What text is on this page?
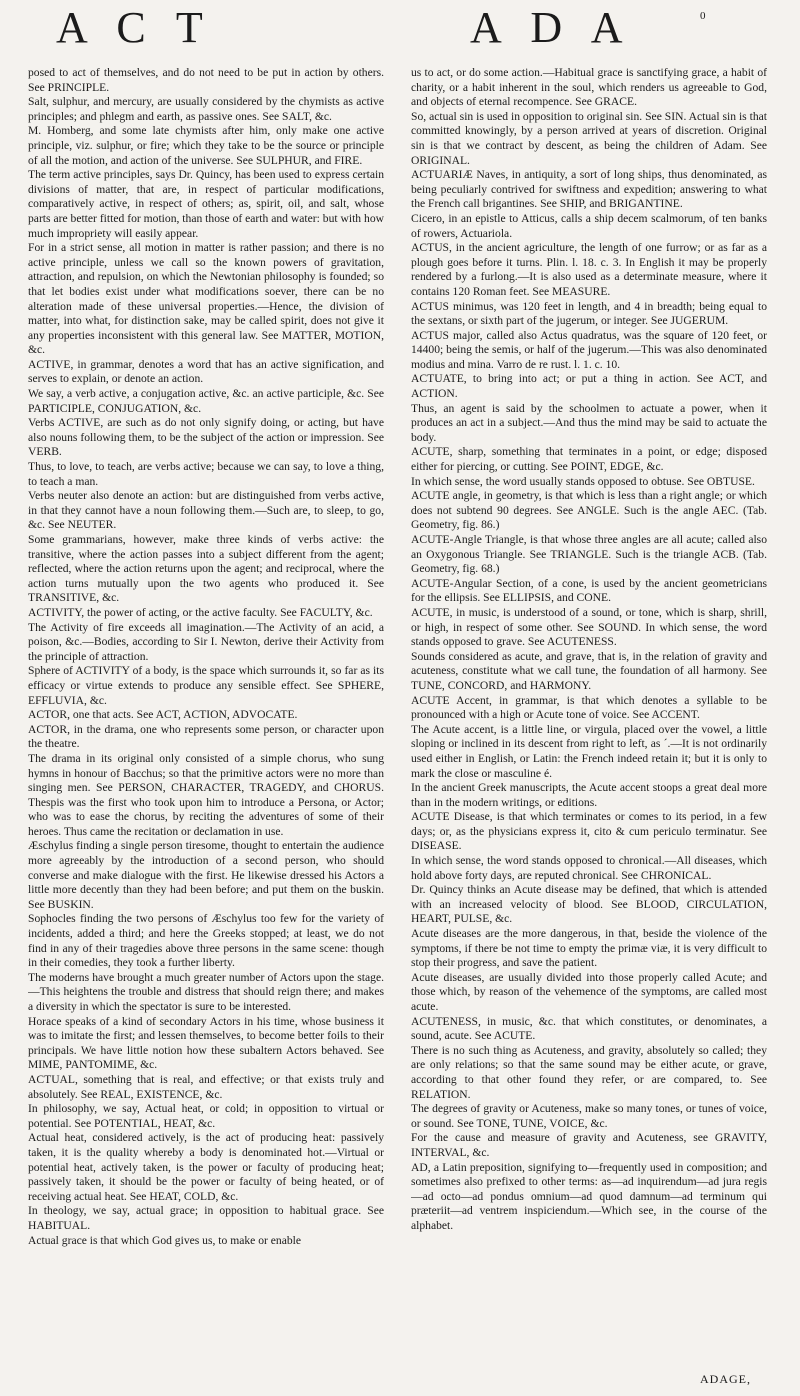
A C T	A D A	0

posed to act of themselves, and do not need to be put in action by others. See PRINCIPLE.

Salt, sulphur, and mercury, are usually considered by the chymists as active principles; and phlegm and earth, as passive ones. See SALT, &c.

M. Homberg, and some late chymists after him, only make one active principle, viz. sulphur, or fire; which they take to be the source or principle of all the motion, and action of the universe. See SULPHUR, and FIRE.

The term active principles, says Dr. Quincy, has been used to express certain divisions of matter, that are, in respect of particular modifications, comparatively active, in respect of others; as, spirit, oil, and salt, whose parts are better fitted for motion, than those of earth and water: but with how much impropriety will easily appear.

For in a strict sense, all motion in matter is rather passion; and there is no active principle, unless we call so the known powers of gravitation, attraction, and repulsion, on which the Newtonian philosophy is founded; so that let bodies exist under what modifications soever, there can be no alteration made of these universal properties.—Hence, the division of matter, into what, for distinction sake, may be called spirit, does not give it any properties inconsistent with this general law. See MATTER, MOTION, &c.

ACTIVE, in grammar, denotes a word that has an active signification, and serves to explain, or denote an action.

We say, a verb active, a conjugation active, &c. an active participle, &c. See PARTICIPLE, CONJUGATION, &c.

Verbs ACTIVE, are such as do not only signify doing, or acting, but have also nouns following them, to be the subject of the action or impression. See VERB.

Thus, to love, to teach, are verbs active; because we can say, to love a thing, to teach a man.

Verbs neuter also denote an action: but are distinguished from verbs active, in that they cannot have a noun following them.—Such are, to sleep, to go, &c. See NEUTER.

Some grammarians, however, make three kinds of verbs active: the transitive, where the action passes into a subject different from the agent; reflected, where the action returns upon the agent; and reciprocal, where the action turns mutually upon the two agents who produced it. See TRANSITIVE, &c.

ACTIVITY, the power of acting, or the active faculty. See FACULTY, &c.

The Activity of fire exceeds all imagination.—The Activity of an acid, a poison, &c.—Bodies, according to Sir I. Newton, derive their Activity from the principle of attraction.

Sphere of ACTIVITY of a body, is the space which surrounds it, so far as its efficacy or virtue extends to produce any sensible effect. See SPHERE, EFFLUVIA, &c.

ACTOR, one that acts. See ACT, ACTION, ADVOCATE.

ACTOR, in the drama, one who represents some person, or character upon the theatre.

The drama in its original only consisted of a simple chorus, who sung hymns in honour of Bacchus; so that the primitive actors were no more than singing men. See PERSON, CHARACTER, TRAGEDY, and CHORUS. Thespis was the first who took upon him to introduce a Persona, or Actor; who was to ease the chorus, by reciting the adventures of some of their heroes. Thus came the recitation or declamation in use.

Æschylus finding a single person tiresome, thought to entertain the audience more agreeably by the introduction of a second person, who should converse and make dialogue with the first. He likewise dressed his Actors a little more decently than they had been before; and put them on the buskin. See BUSKIN.

Sophocles finding the two persons of Æschylus too few for the variety of incidents, added a third; and here the Greeks stopped; at least, we do not find in any of their tragedies above three persons in the same scene: though in their comedies, they took a further liberty.

The moderns have brought a much greater number of Actors upon the stage.—This heightens the trouble and distress that should reign there; and makes a diversity in which the spectator is sure to be interested.

Horace speaks of a kind of secondary Actors in his time, whose business it was to imitate the first; and lessen themselves, to become better foils to their principals. We have little notion how these subaltern Actors behaved. See MIME, PANTOMIME, &c.

ACTUAL, something that is real, and effective; or that exists truly and absolutely. See REAL, EXISTENCE, &c.

In philosophy, we say, Actual heat, or cold; in opposition to virtual or potential. See POTENTIAL, HEAT, &c.

Actual heat, considered actively, is the act of producing heat: passively taken, it is the quality whereby a body is denominated hot.—Virtual or potential heat, actively taken, is the power or faculty of producing heat; passively taken, it should be the power or faculty of being heated, or of receiving actual heat. See HEAT, COLD, &c.

In theology, we say, actual grace; in opposition to habitual grace. See HABITUAL.

Actual grace is that which God gives us, to make or enable

us to act, or do some action.—Habitual grace is sanctifying grace, a habit of charity, or a habit inherent in the soul, which renders us agreeable to God, and objects of eternal recompence. See GRACE.

So, actual sin is used in opposition to original sin. See SIN. Actual sin is that committed knowingly, by a person arrived at years of discretion. Original sin is that we contract by descent, as being the children of Adam. See ORIGINAL.

ACTUARIÆ Naves, in antiquity, a sort of long ships, thus denominated, as being peculiarly contrived for swiftness and expedition; answering to what the French call brigantines. See SHIP, and BRIGANTINE.

Cicero, in an epistle to Atticus, calls a ship decem scalmorum, of ten banks of rowers, Actuariola.

ACTUS, in the ancient agriculture, the length of one furrow; or as far as a plough goes before it turns. Plin. l. 18. c. 3. In English it may be properly rendered by a furlong.—It is also used as a determinate measure, where it contains 120 Roman feet. See MEASURE.

ACTUS minimus, was 120 feet in length, and 4 in breadth; being equal to the sextans, or sixth part of the jugerum, or integer. See JUGERUM.

ACTUS major, called also Actus quadratus, was the square of 120 feet, or 14400; being the semis, or half of the jugerum.—This was also denominated modius and mina. Varro de re rust. l. 1. c. 10.

ACTUATE, to bring into act; or put a thing in action. See ACT, and ACTION.

Thus, an agent is said by the schoolmen to actuate a power, when it produces an act in a subject.—And thus the mind may be said to actuate the body.

ACUTE, sharp, something that terminates in a point, or edge; disposed either for piercing, or cutting. See POINT, EDGE, &c.

In which sense, the word usually stands opposed to obtuse. See OBTUSE.

ACUTE angle, in geometry, is that which is less than a right angle; or which does not subtend 90 degrees. See ANGLE. Such is the angle AEC. (Tab. Geometry, fig. 86.)

ACUTE-Angle Triangle, is that whose three angles are all acute; called also an Oxygonous Triangle. See TRIANGLE. Such is the triangle ACB. (Tab. Geometry, fig. 68.)

ACUTE-Angular Section, of a cone, is used by the ancient geometricians for the ellipsis. See ELLIPSIS, and CONE.

ACUTE, in music, is understood of a sound, or tone, which is sharp, shrill, or high, in respect of some other. See SOUND. In which sense, the word stands opposed to grave. See ACUTENESS.

Sounds considered as acute, and grave, that is, in the relation of gravity and acuteness, constitute what we call tune, the foundation of all harmony. See TUNE, CONCORD, and HARMONY.

ACUTE Accent, in grammar, is that which denotes a syllable to be pronounced with a high or Acute tone of voice. See ACCENT.

The Acute accent, is a little line, or virgula, placed over the vowel, a little sloping or inclined in its descent from right to left, as ´.—It is not ordinarily used either in English, or Latin: the French indeed retain it; but it is only to mark the close or masculine é.

In the ancient Greek manuscripts, the Acute accent stoops a great deal more than in the modern writings, or editions.

ACUTE Disease, is that which terminates or comes to its period, in a few days; or, as the physicians express it, cito & cum periculo terminatur. See DISEASE.

In which sense, the word stands opposed to chronical.—All diseases, which hold above forty days, are reputed chronical. See CHRONICAL.

Dr. Quincy thinks an Acute disease may be defined, that which is attended with an increased velocity of blood. See BLOOD, CIRCULATION, HEART, PULSE, &c.

Acute diseases are the more dangerous, in that, beside the violence of the symptoms, if there be not time to empty the primæ viæ, it is very difficult to stop their progress, and save the patient.

Acute diseases, are usually divided into those properly called Acute; and those which, by reason of the vehemence of the symptoms, are called most acute.

ACUTENESS, in music, &c. that which constitutes, or denominates, a sound, acute. See ACUTE.

There is no such thing as Acuteness, and gravity, absolutely so called; they are only relations; so that the same sound may be either acute, or grave, according to that other found they refer, or are compared, to. See RELATION.

The degrees of gravity or Acuteness, make so many tones, or tunes of voice, or sound. See TONE, TUNE, VOICE, &c.

For the cause and measure of gravity and Acuteness, see GRAVITY, INTERVAL, &c.

AD, a Latin preposition, signifying to—frequently used in composition; and sometimes also prefixed to other terms: as—ad inquirendum—ad jura regis—ad octo—ad pondus omnium—ad quod damnum—ad terminum qui præteriit—ad ventrem inspiciendum.—Which see, in the course of the alphabet.

ADAGE,
